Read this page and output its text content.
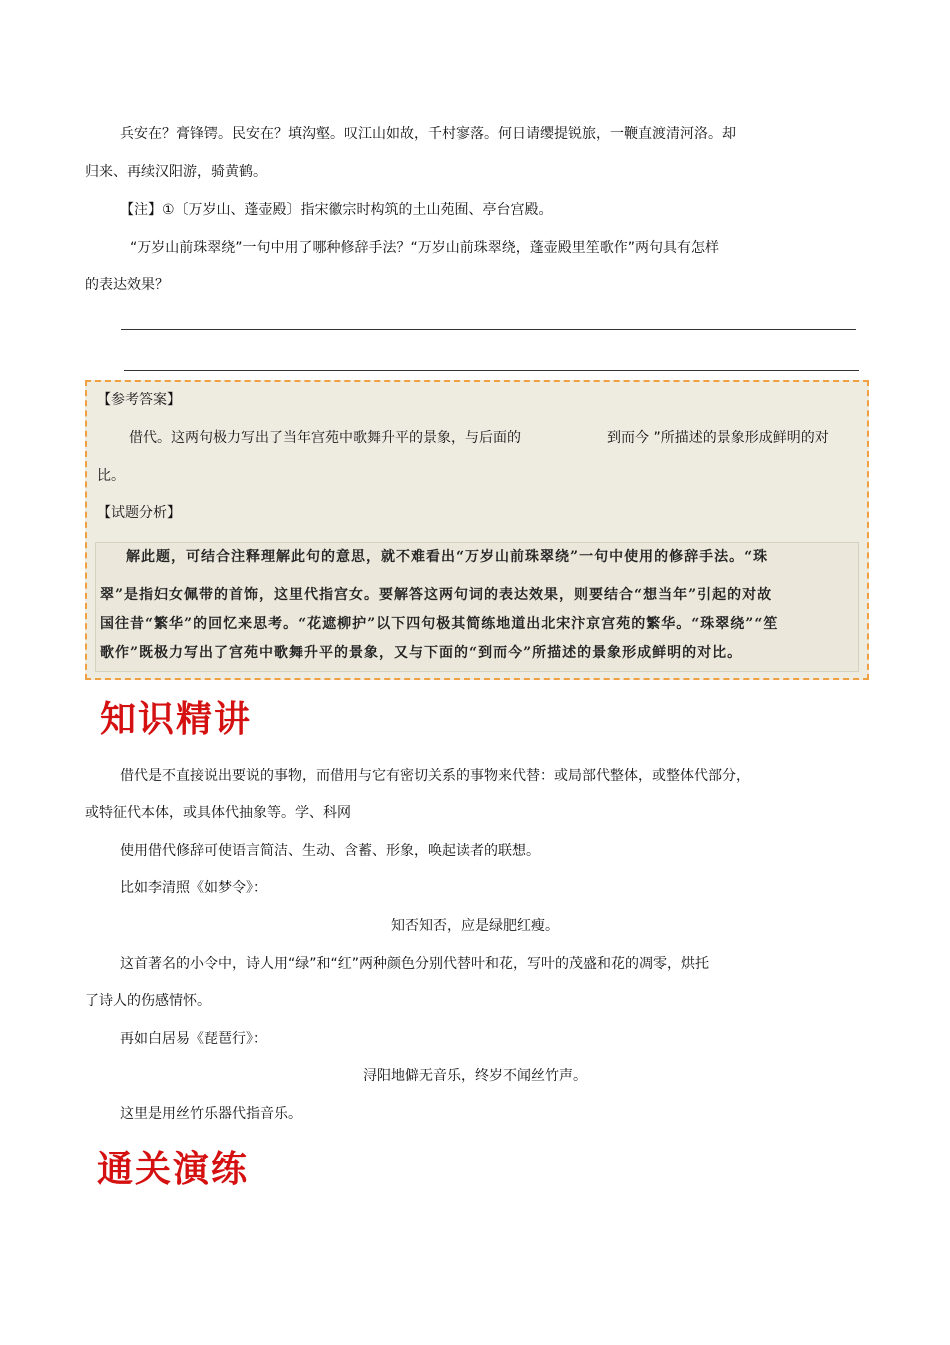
兵安在？膏锋锷。民安在？填沟壑。叹江山如故，千村寥落。何日请缨提锐旅，一鞭直渡清河洛。却
归来、再续汉阳游，骑黄鹤。
【注】①〔万岁山、蓬壶殿〕指宋徽宗时构筑的土山苑囿、亭台宫殿。
“万岁山前珠翠绕”一句中用了哪种修辞手法？“万岁山前珠翠绕，蓬壶殿里笙歌作”两句具有怎样
的表达效果？
【参考答案】
借代。这两句极力写出了当年宫苑中歌舞升平的景象，与后面的	到而今 ”所描述的景象形成鲜明的对
比。
【试题分析】
解此题，可结合注释理解此句的意思，就不难看出“万岁山前珠翠绕”一句中使用的修辞手法。“珠
翠”是指妇女佩带的首饰，这里代指宫女。要解答这两句词的表达效果，则要结合“想当年”引起的对故
国往昔“繁华”的回忆来思考。“花遮柳护”以下四句极其简练地道出北宋汴京宫苑的繁华。“珠翠绕”“笙
歌作”既极力写出了宫苑中歌舞升平的景象，又与下面的“到而今”所描述的景象形成鲜明的对比。
知识精讲
借代是不直接说出要说的事物，而借用与它有密切关系的事物来代替：或局部代整体，或整体代部分，
或特征代本体，或具体代抽象等。学、科网
使用借代修辞可使语言简洁、生动、含蓄、形象，唤起读者的联想。
比如李清照《如梦令》：
知否知否，应是绿肥红瘦。
这首著名的小令中，诗人用“绿”和“红”两种颜色分别代替叶和花，写叶的茂盛和花的凋零，烘托
了诗人的伤感情怀。
再如白居易《琵琶行》：
浔阳地僻无音乐，终岁不闻丝竹声。
这里是用丝竹乐器代指音乐。
通关演练
